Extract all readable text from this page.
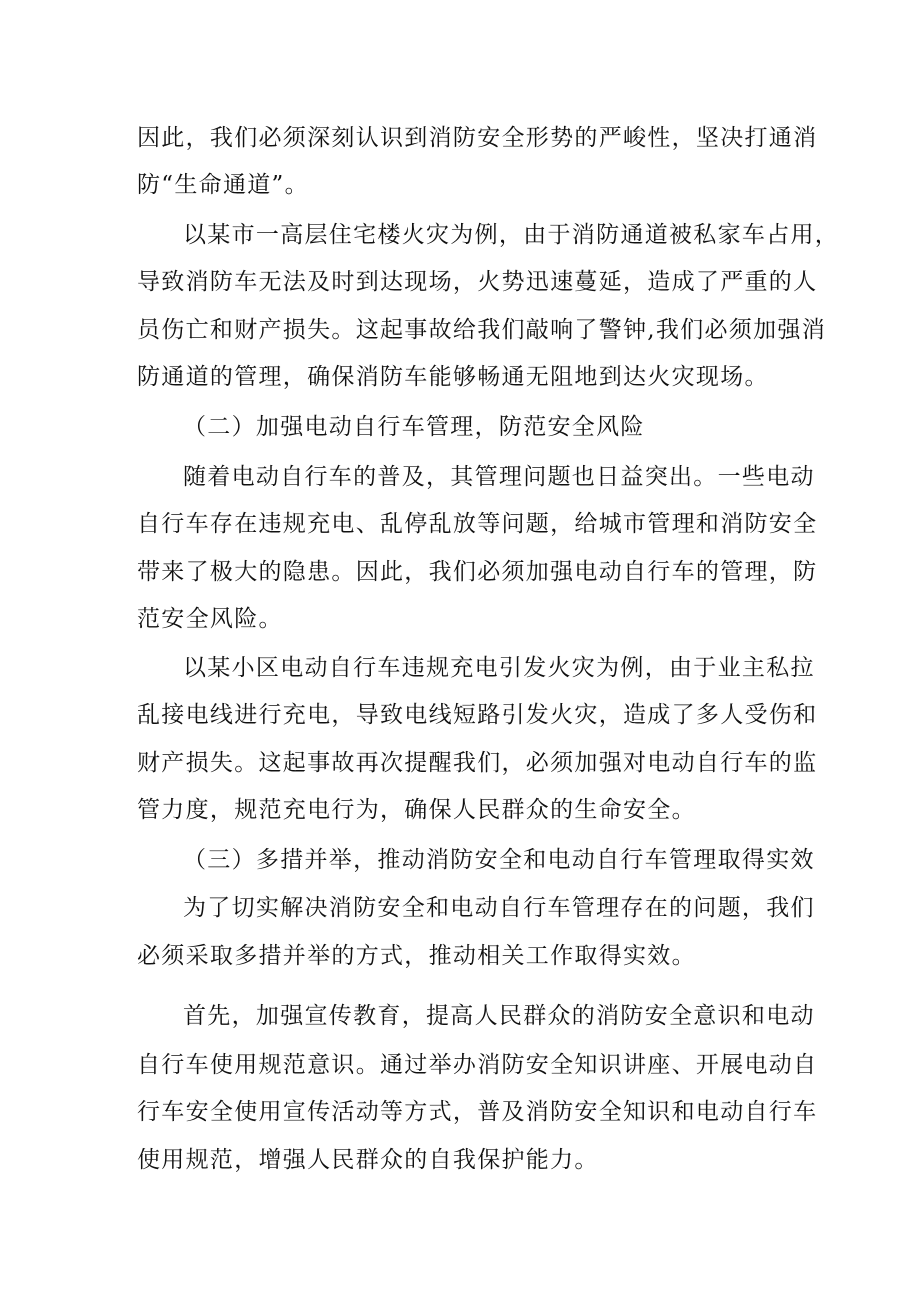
因此，我们必须深刻认识到消防安全形势的严峻性，坚决打通消

防“生命通道”。

以某市一高层住宅楼火灾为例，由于消防通道被私家车占用，

导致消防车无法及时到达现场，火势迅速蔓延，造成了严重的人

员伤亡和财产损失。这起事故给我们敲响了警钟,我们必须加强消

防通道的管理，确保消防车能够畅通无阻地到达火灾现场。

（二）加强电动自行车管理，防范安全风险

随着电动自行车的普及，其管理问题也日益突出。一些电动

自行车存在违规充电、乱停乱放等问题，给城市管理和消防安全

带来了极大的隐患。因此，我们必须加强电动自行车的管理，防

范安全风险。

以某小区电动自行车违规充电引发火灾为例，由于业主私拉

乱接电线进行充电，导致电线短路引发火灾，造成了多人受伤和

财产损失。这起事故再次提醒我们，必须加强对电动自行车的监

管力度，规范充电行为，确保人民群众的生命安全。

（三）多措并举，推动消防安全和电动自行车管理取得实效

为了切实解决消防安全和电动自行车管理存在的问题，我们

必须采取多措并举的方式，推动相关工作取得实效。

首先，加强宣传教育，提高人民群众的消防安全意识和电动

自行车使用规范意识。通过举办消防安全知识讲座、开展电动自

行车安全使用宣传活动等方式，普及消防安全知识和电动自行车

使用规范，增强人民群众的自我保护能力。
